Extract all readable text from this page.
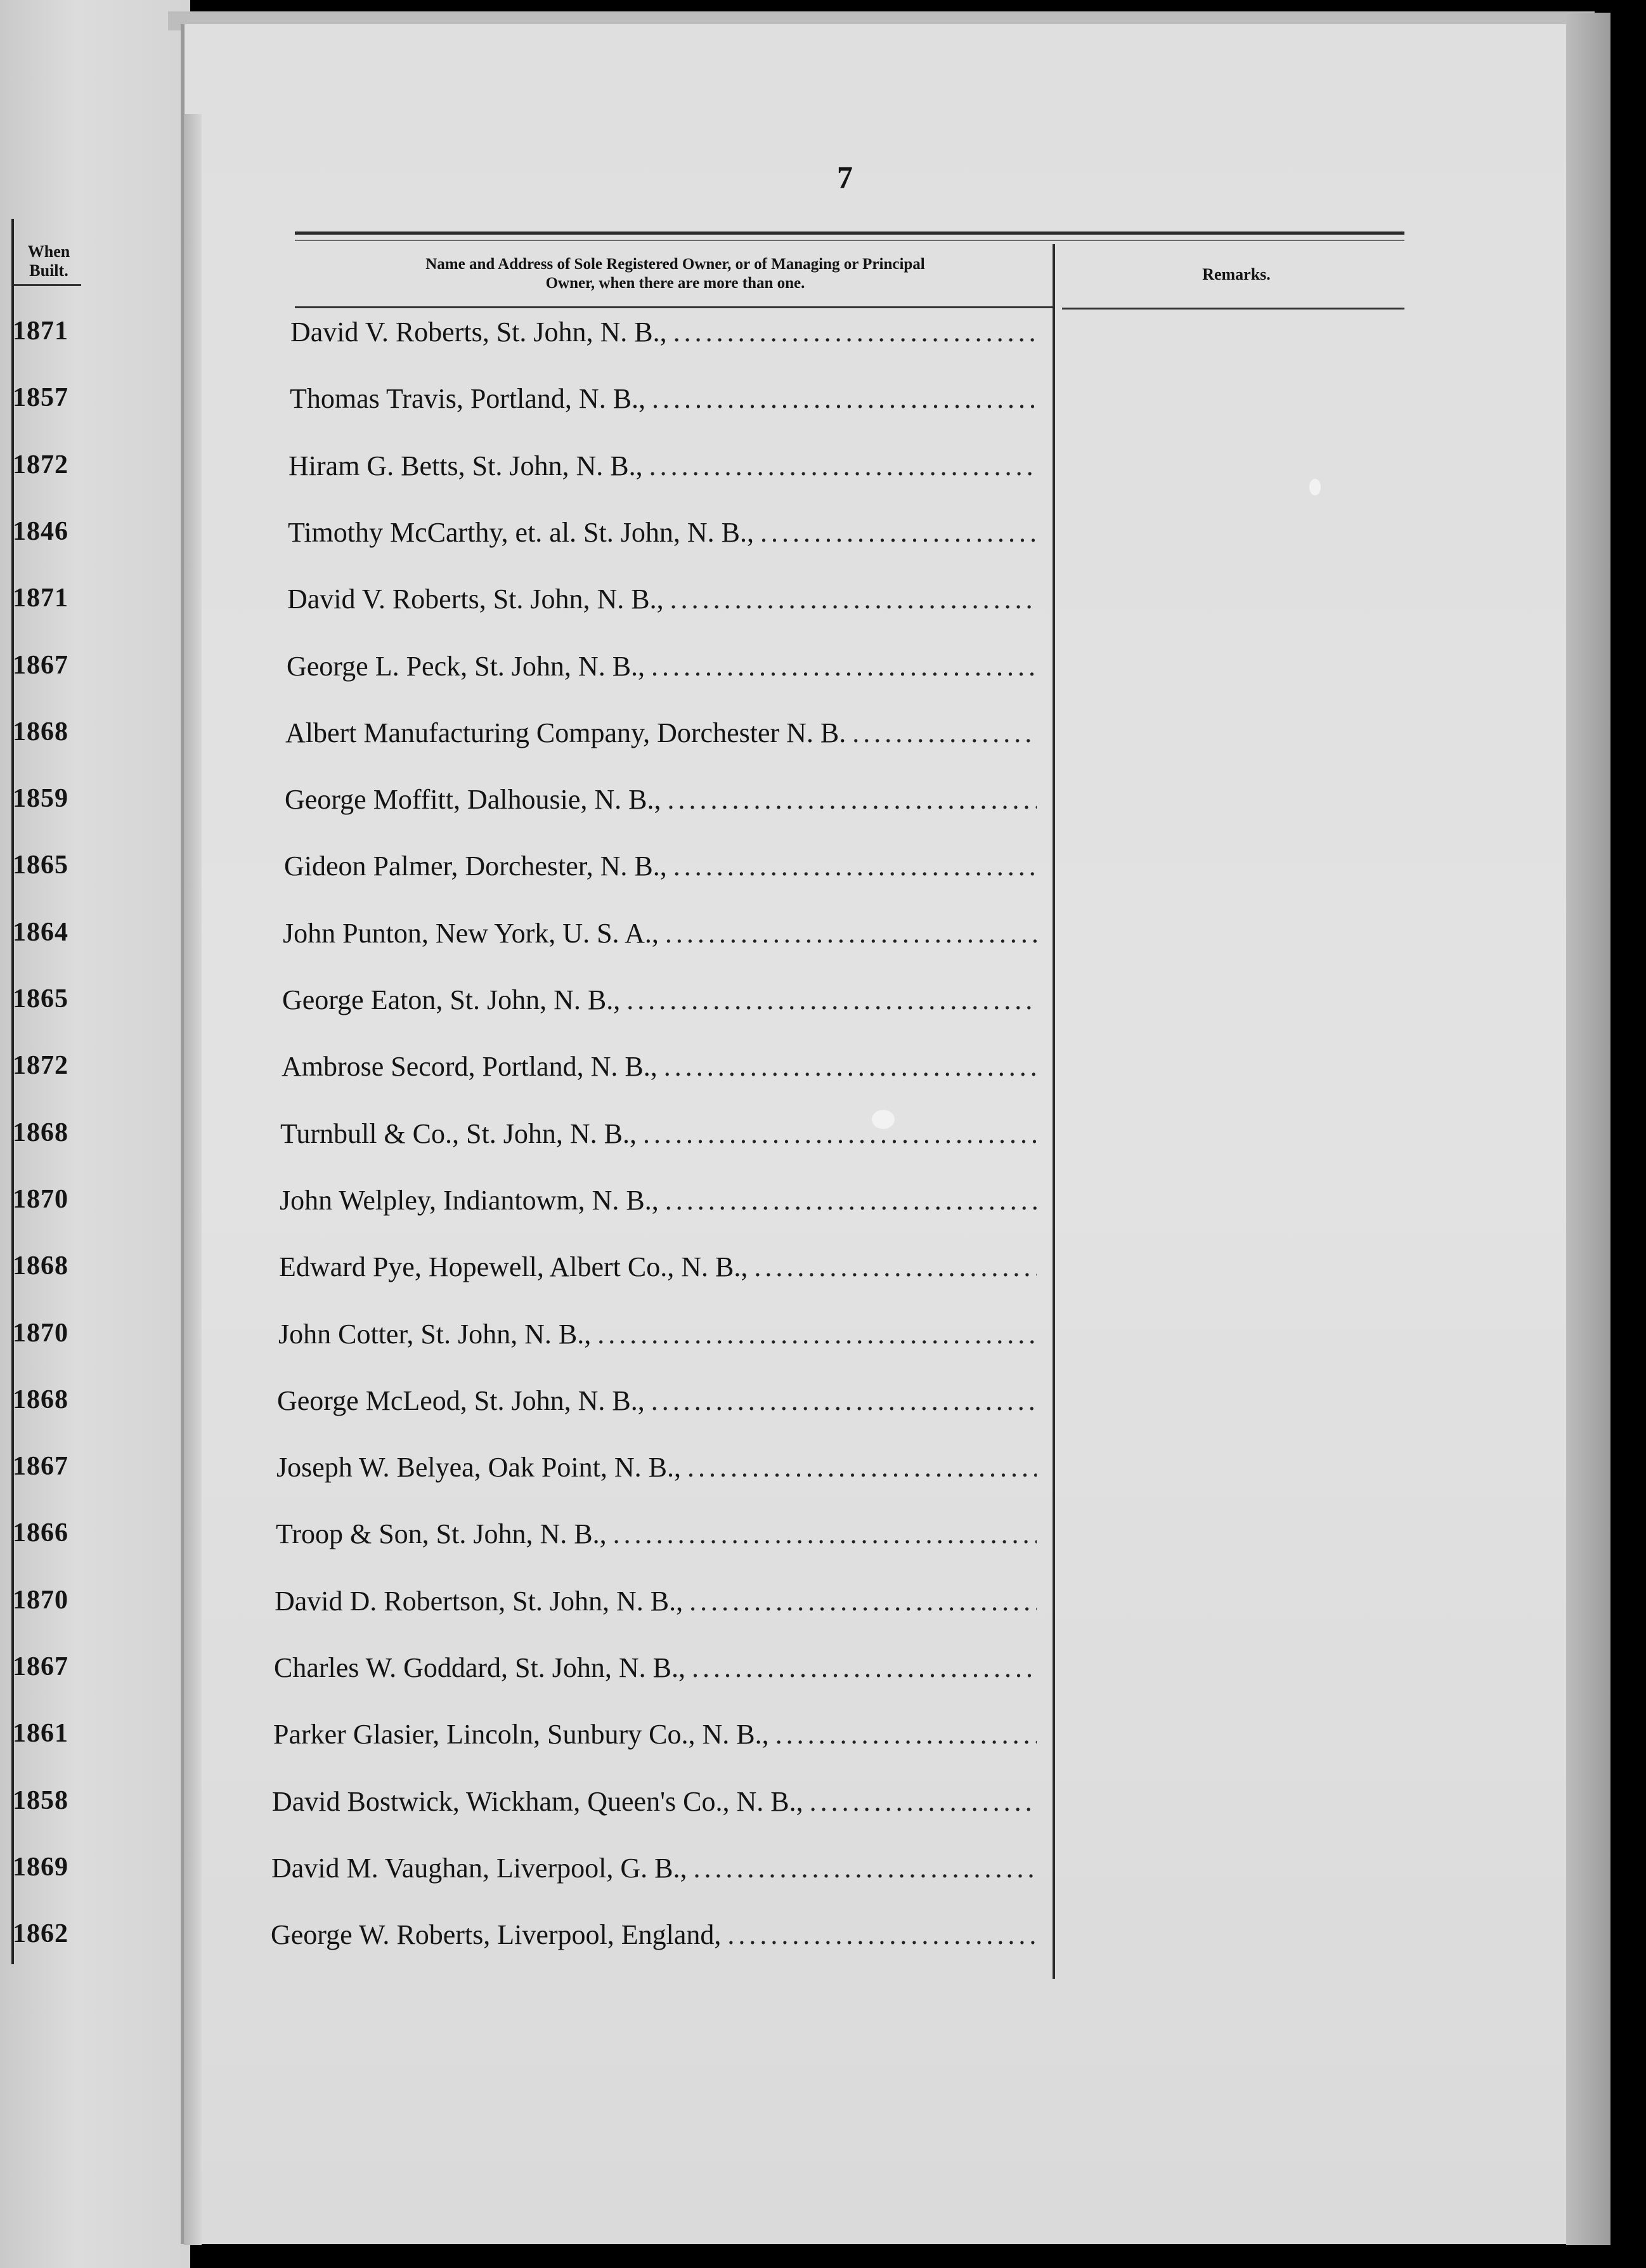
7
When
Built.	Name and Address of Sole Registered Owner, or of Managing or Principal
Owner, when there are more than one.	Remarks.
1871
1857
1872
1846
1871
1867
1868
1859
1865
1864
1865
1872
1868
1870
1868
1870
1868
1867
1866
1870
1867
1861
1858
1869
1862
David V. Roberts, St. John, N. B.,
.....
Thomas Travis, Portland, N. B.,
.....
Hiram G. Betts, St. John, N. B.,
.....
Timothy McCarthy, et. al. St. John, N. B.,
.....
David V. Roberts, St. John, N. B.,
.....
George L. Peck, St. John, N. B.,
.....
Albert Manufacturing Company, Dorchester N. B.
.....
George Moffitt, Dalhousie, N. B.,
.....
Gideon Palmer, Dorchester, N. B.,
.....
John Punton, New York, U. S. A.,
.....
George Eaton, St. John, N. B.,
.....
Ambrose Secord, Portland, N. B.,
.....
Turnbull & Co., St. John, N. B.,
.....
John Welpley, Indiantowm, N. B.,
.....
Edward Pye, Hopewell, Albert Co., N. B.,
.....
John Cotter, St. John, N. B.,
.....
George McLeod, St. John, N. B.,
.....
Joseph W. Belyea, Oak Point, N. B.,
.....
Troop & Son, St. John, N. B.,
.....
David D. Robertson, St. John, N. B.,
.....
Charles W. Goddard, St. John, N. B.,
.....
Parker Glasier, Lincoln, Sunbury Co., N. B.,
.....
David Bostwick, Wickham, Queen's Co., N. B.,
.....
David M. Vaughan, Liverpool, G. B.,
.....
George W. Roberts, Liverpool, England,
.....
